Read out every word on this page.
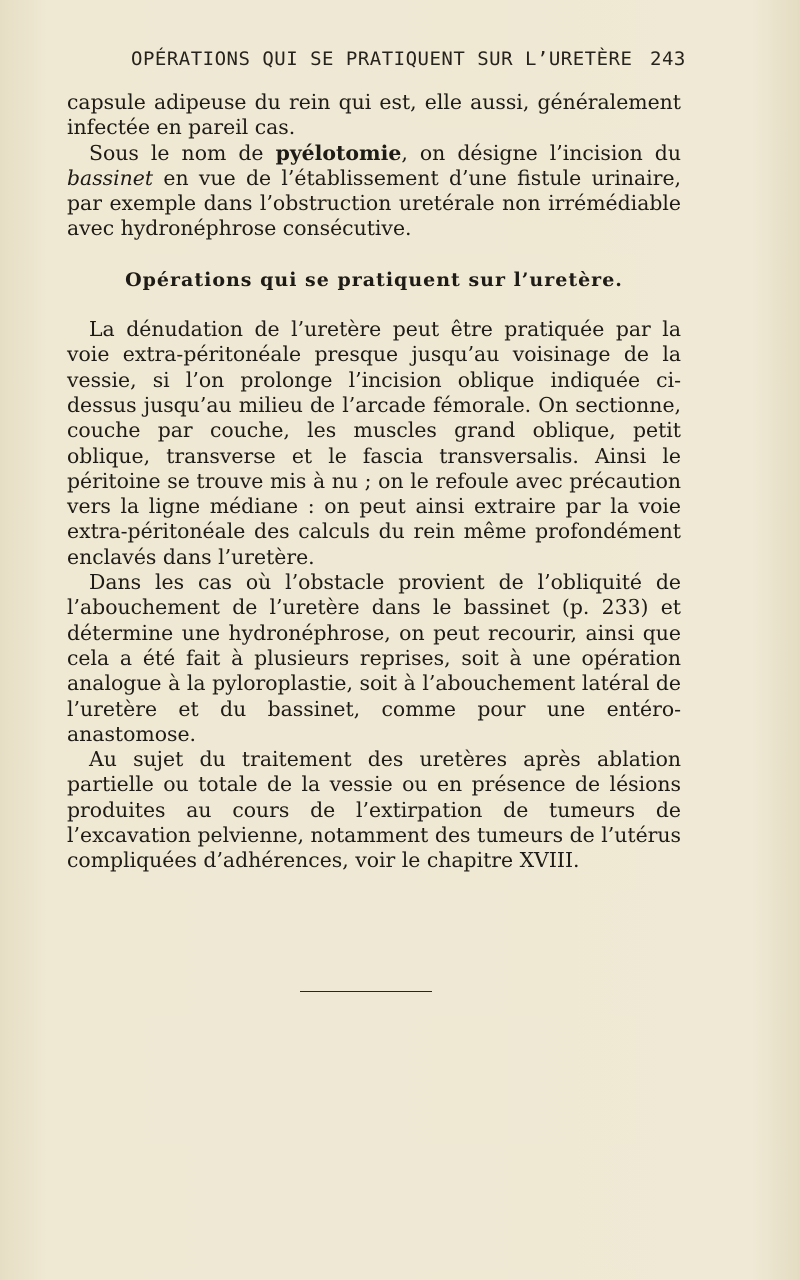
OPÉRATIONS QUI SE PRATIQUENT SUR L’URETÈRE 243

capsule adipeuse du rein qui est, elle aussi, généralement infectée en pareil cas.

Sous le nom de pyélotomie, on désigne l’incision du bassinet en vue de l’établissement d’une fistule urinaire, par exemple dans l’obstruction uretérale non irrémédiable avec hydronéphrose consécutive.

Opérations qui se pratiquent sur l’uretère.

La dénudation de l’uretère peut être pratiquée par la voie extra-péritonéale presque jusqu’au voisinage de la vessie, si l’on prolonge l’incision oblique indiquée ci-dessus jusqu’au milieu de l’arcade fémorale. On sectionne, couche par couche, les muscles grand oblique, petit oblique, transverse et le fascia transversalis. Ainsi le péritoine se trouve mis à nu ; on le refoule avec précaution vers la ligne médiane : on peut ainsi extraire par la voie extra-péritonéale des calculs du rein même profondément enclavés dans l’uretère.

Dans les cas où l’obstacle provient de l’obliquité de l’abouchement de l’uretère dans le bassinet (p. 233) et détermine une hydronéphrose, on peut recourir, ainsi que cela a été fait à plusieurs reprises, soit à une opération analogue à la pyloroplastie, soit à l’abouchement latéral de l’uretère et du bassinet, comme pour une entéro-anastomose.

Au sujet du traitement des uretères après ablation partielle ou totale de la vessie ou en présence de lésions produites au cours de l’extirpation de tumeurs de l’excavation pelvienne, notamment des tumeurs de l’utérus compliquées d’adhérences, voir le chapitre XVIII.
